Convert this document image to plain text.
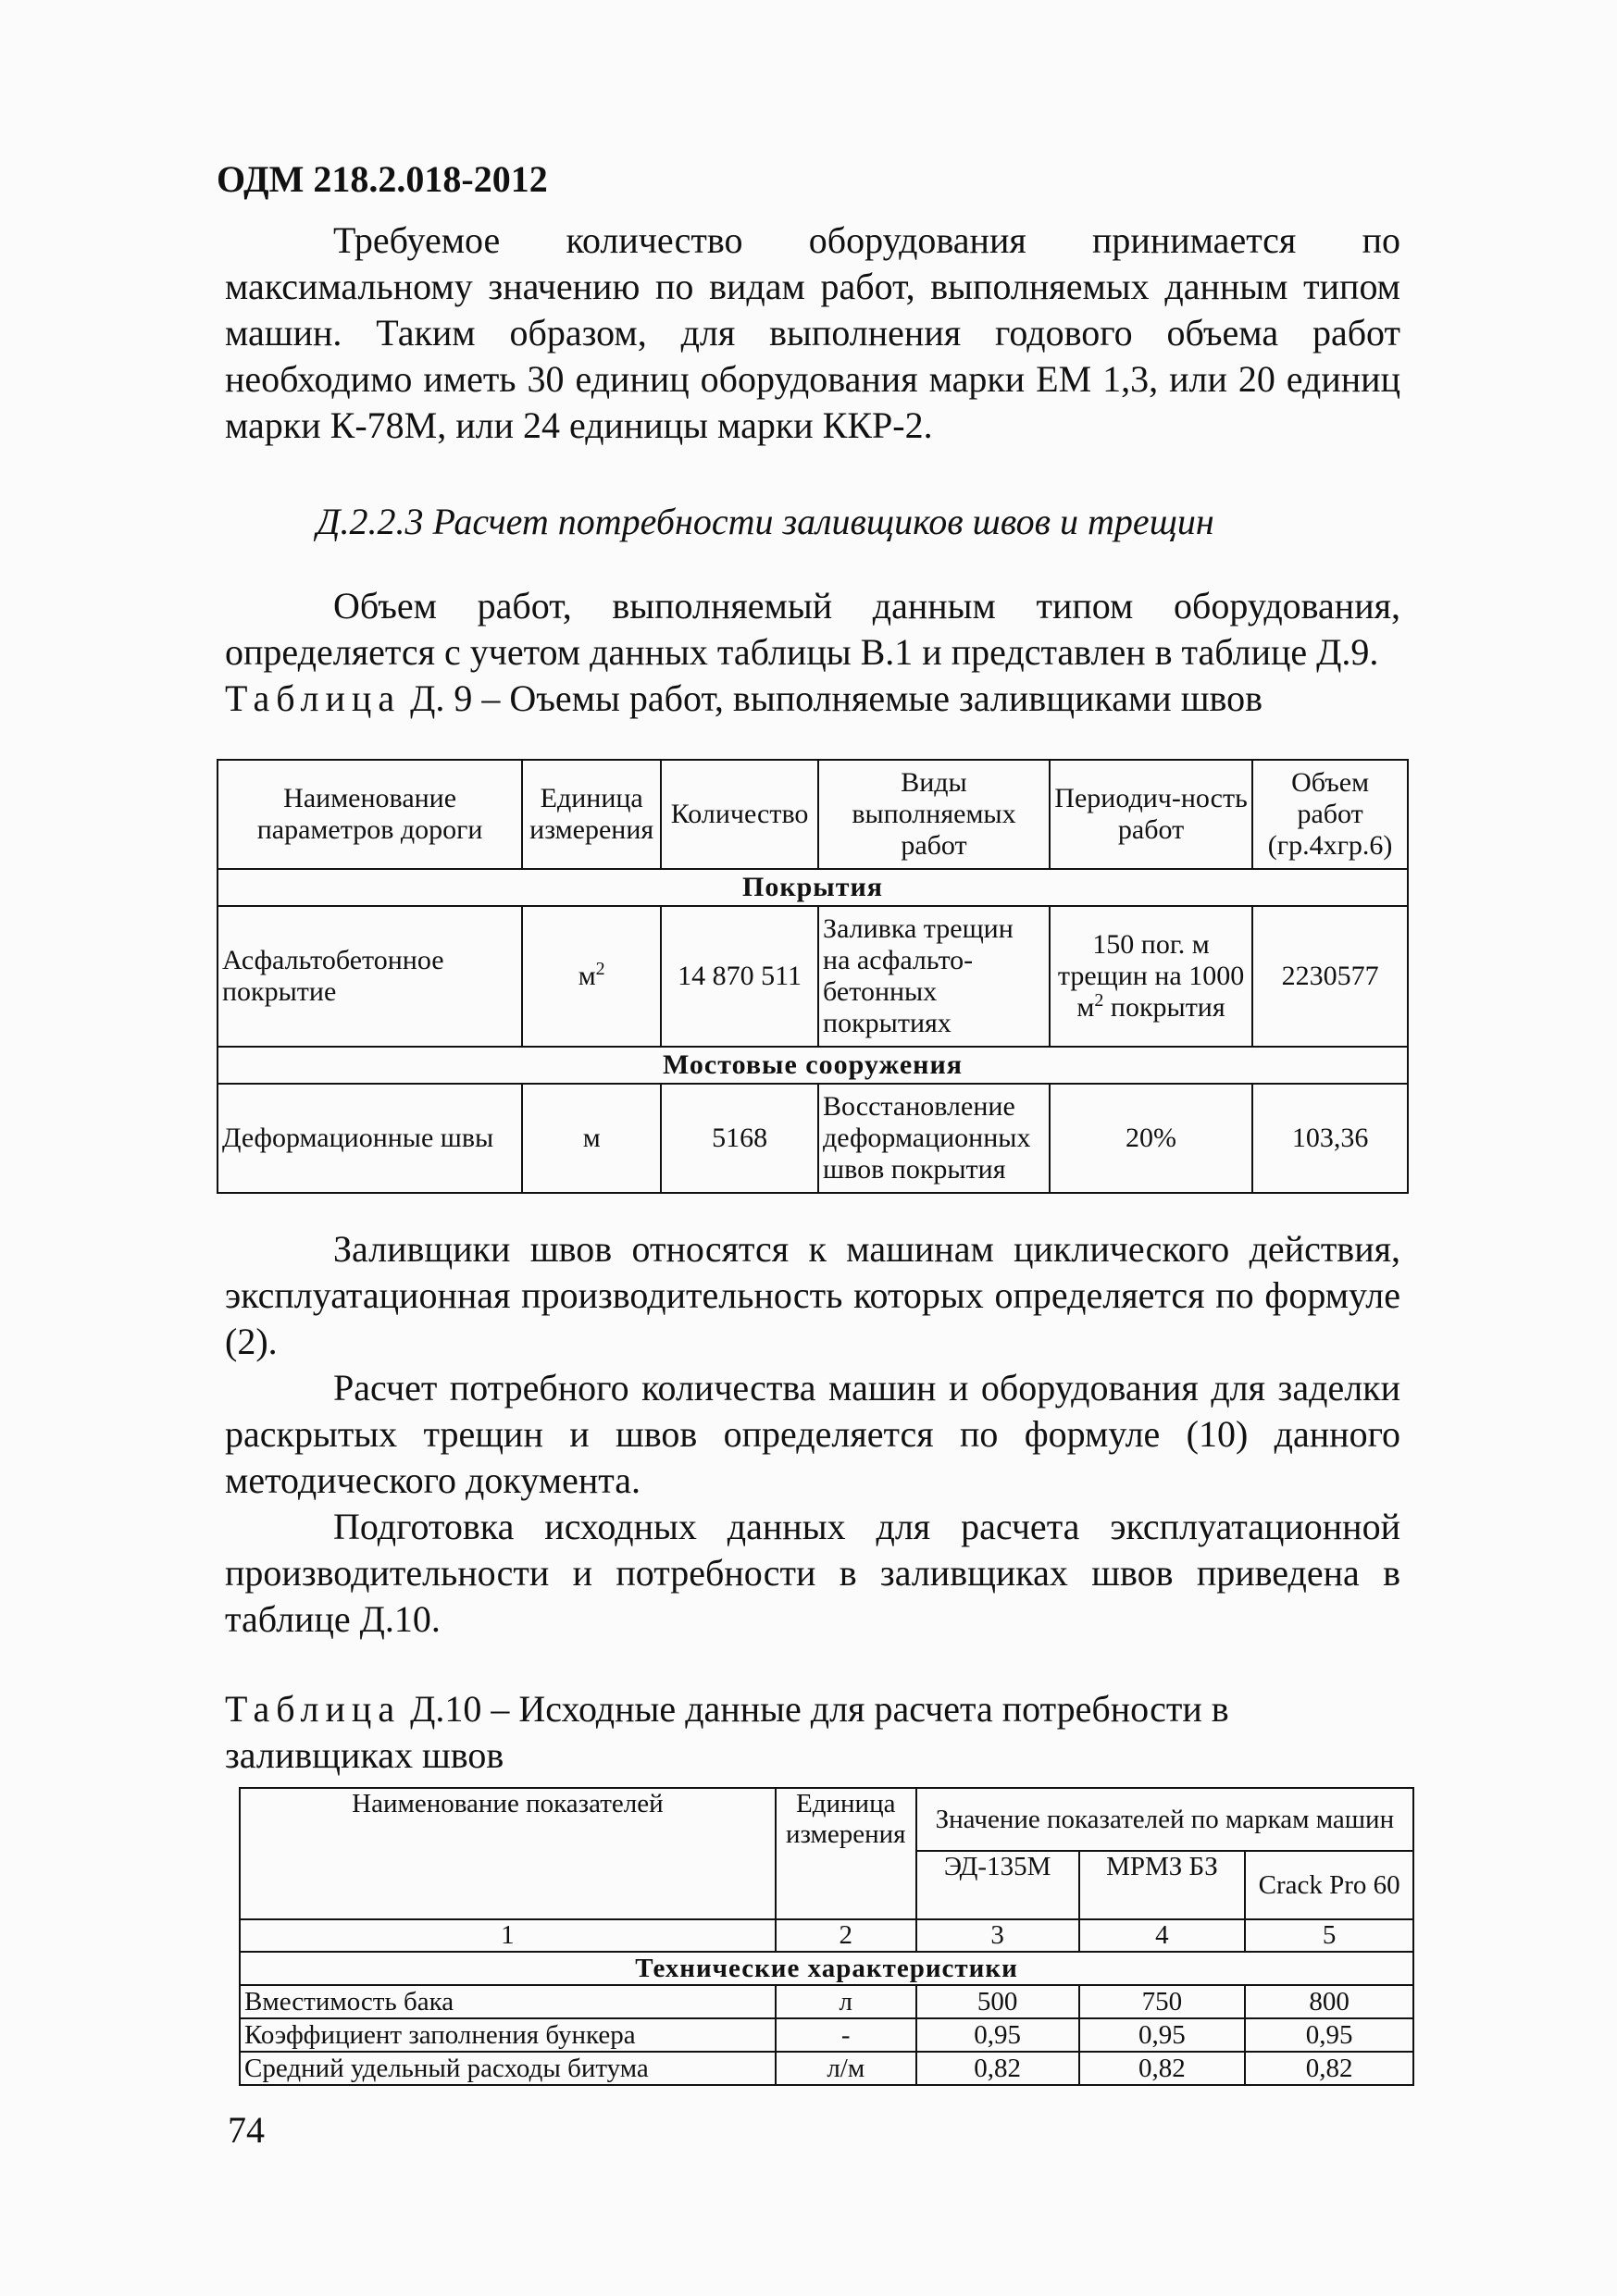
ОДМ 218.2.018-2012
Требуемое количество оборудования принимается по максимальному значению по видам работ, выполняемых данным типом машин. Таким образом, для выполнения годового объема работ необходимо иметь 30 единиц оборудования марки ЕМ 1,3, или 20 единиц марки К-78М, или 24 единицы марки ККР-2.
Д.2.2.3 Расчет потребности заливщиков швов и трещин
Объем работ, выполняемый данным типом оборудования, определяется с учетом данных таблицы В.1 и представлен в таблице Д.9.
Таблица Д. 9 – Оъемы работ, выполняемые заливщиками швов
Наименование параметров дороги	Единица измерения	Количество	Виды выполняемых работ	Периодич-ность работ	Объем работ (гр.4хгр.6)
Покрытия					
Асфальтобетонное покрытие	$м^2$	14 870 511	Заливка трещин на асфальто-бетонных покрытиях	150 пог. м трещин на 1000 $м^2$ покрытия	2230577
Мостовые сооружения					
Деформационные швы	м	5168	Восстановление деформационных швов покрытия	20%	103,36
Заливщики швов относятся к машинам циклического действия, эксплуатационная производительность которых определяется по формуле (2).
Расчет потребного количества машин и оборудования для заделки раскрытых трещин и швов определяется по формуле (10) данного методического документа.
Подготовка исходных данных для расчета эксплуатационной производительности и потребности в заливщиках швов приведена в таблице Д.10.
Таблица Д.10 – Исходные данные для расчета потребности в заливщиках швов
Наименование показателей	Единица измерения	Значение показателей по маркам машин		
		ЭД-135М	МРМЗ БЗ	Crack Pro 60
1	2	3	4	5
Технические характеристики				
Вместимость бака	л	500	750	800
Коэффициент заполнения бункера	-	0,95	0,95	0,95
Средний удельный расходы битума	л/м	0,82	0,82	0,82
74
